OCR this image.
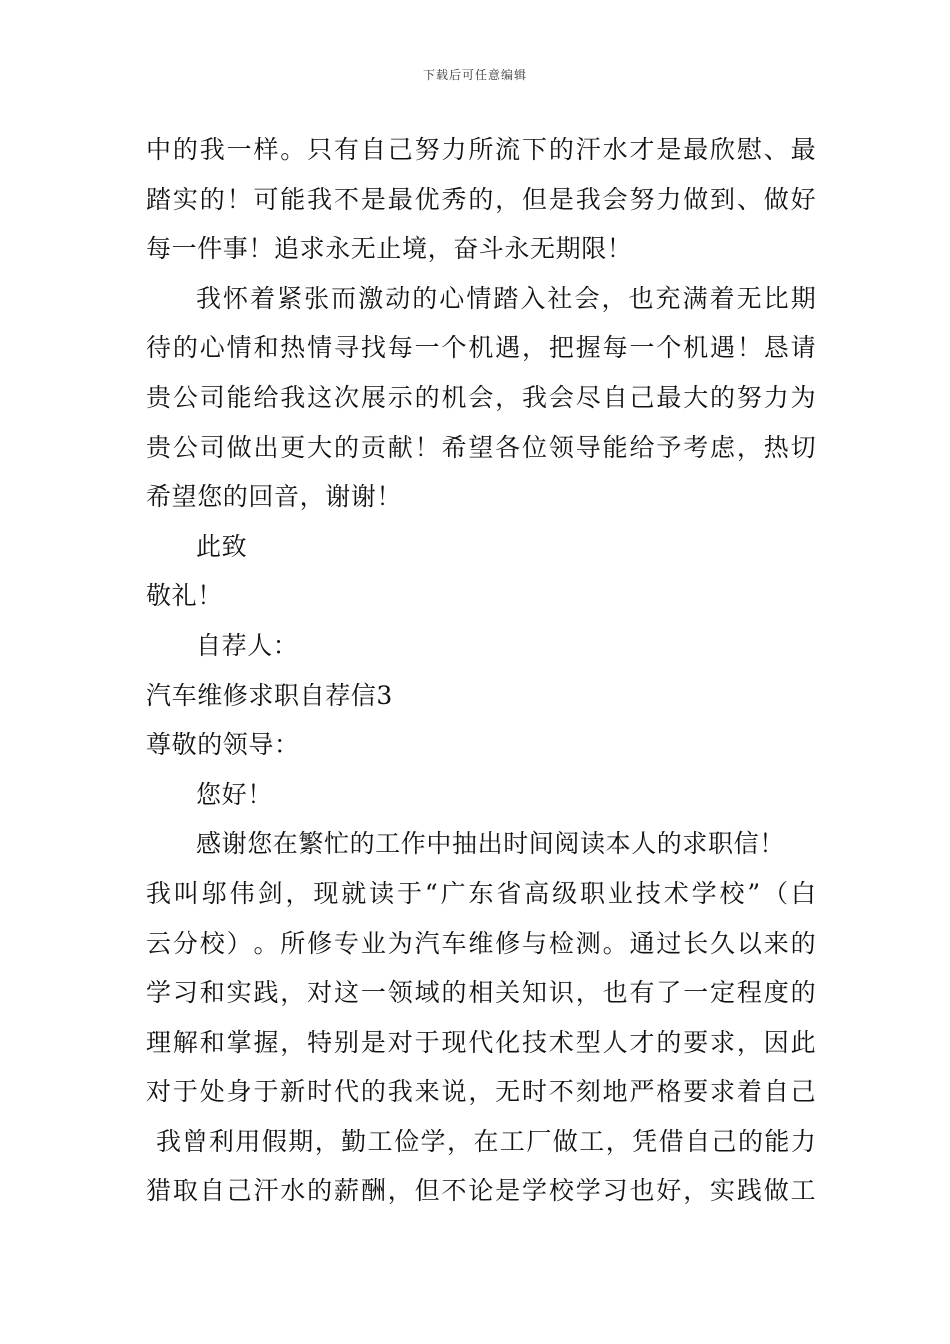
下载后可任意编辑
中 的 我 一 样 。 只 有 自 己 努 力 所 流 下 的 汗 水 才 是 最 欣 慰 、 最
踏 实 的 ！ 可 能 我 不 是 最 优 秀 的 ， 但 是 我 会 努 力 做 到 、 做 好
每一件事！追求永无止境，奋斗永无期限！
我 怀 着 紧 张 而 激 动 的 心 情 踏 入 社 会 ， 也 充 满 着 无 比 期
待 的 心 情 和 热 情 寻 找 每 一 个 机 遇 ， 把 握 每 一 个 机 遇 ！ 恳 请
贵 公 司 能 给 我 这 次 展 示 的 机 会 ， 我 会 尽 自 己 最 大 的 努 力 为
贵 公 司 做 出 更 大 的 贡 献 ！ 希 望 各 位 领 导 能 给 予 考 虑 ， 热 切
希望您的回音，谢谢！
此致
敬礼！
自荐人：
汽车维修求职自荐信3
尊敬的领导：
您好！
感谢您在繁忙的工作中抽出时间阅读本人的求职信！
我 叫 邬 伟 剑 ， 现 就 读 于 “ 广 东 省 高 级 职 业 技 术 学 校 ” （ 白
云 分 校 ） 。 所 修 专 业 为 汽 车 维 修 与 检 测 。 通 过 长 久 以 来 的
学 习 和 实 践 ， 对 这 一 领 域 的 相 关 知 识 ， 也 有 了 一 定 程 度 的
理 解 和 掌 握 ， 特 别 是 对 于 现 代 化 技 术 型 人 才 的 要 求 ， 因 此
对 于 处 身 于 新 时 代 的 我 来 说 ， 无 时 不 刻 地 严 格 要 求 着 自 己
我 曾 利 用 假 期 ， 勤 工 俭 学 ， 在 工 厂 做 工 ， 凭 借 自 己 的 能 力
猎 取 自 己 汗 水 的 薪 酬 ， 但 不 论 是 学 校 学 习 也 好 ， 实 践 做 工
